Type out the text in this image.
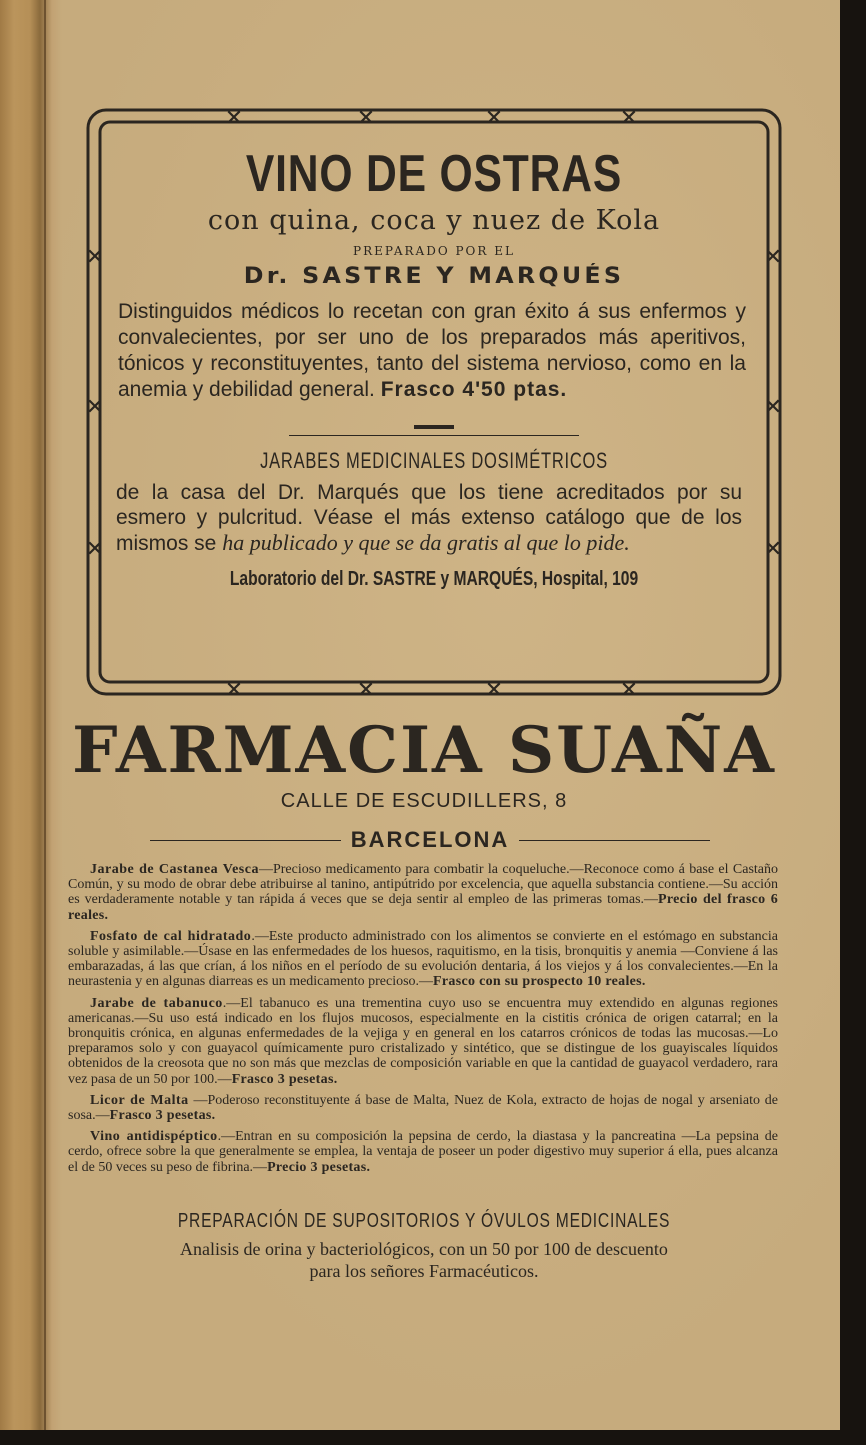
✕	✕	✕	✕
✕	✕	✕	✕
✕
✕
✕
✕
✕
✕
VINO DE OSTRAS
con quina, coca y nuez de Kola
PREPARADO POR EL
Dr. SASTRE Y MARQUÉS
Distinguidos médicos lo recetan con gran éxito á sus enfermos y convalecientes, por ser uno de los preparados más aperitivos, tónicos y reconstituyentes, tanto del sistema nervioso, como en la anemia y debilidad general. Frasco 4'50 ptas.
JARABES MEDICINALES DOSIMÉTRICOS
de la casa del Dr. Marqués que los tiene acreditados por su esmero y pulcritud. Véase el más extenso catálogo que de los mismos se ha publicado y que se da gratis al que lo pide.
Laboratorio del Dr. SASTRE y MARQUÉS, Hospital, 109
FARMACIA SUAÑA
CALLE DE ESCUDILLERS, 8
BARCELONA
Jarabe de Castanea Vesca—Precioso medicamento para combatir la coqueluche.—Reconoce como á base el Castaño Común, y su modo de obrar debe atribuirse al tanino, antipútrido por excelencia, que aquella substancia contiene.—Su acción es verdaderamente notable y tan rápida á veces que se deja sentir al empleo de las primeras tomas.—Precio del frasco 6 reales.
Fosfato de cal hidratado.—Este producto administrado con los alimentos se convierte en el estómago en substancia soluble y asimilable.—Úsase en las enfermedades de los huesos, raquitismo, en la tisis, bronquitis y anemia —Conviene á las embarazadas, á las que crían, á los niños en el período de su evolución dentaria, á los viejos y á los convalecientes.—En la neurastenia y en algunas diarreas es un medicamento precioso.—Frasco con su prospecto 10 reales.
Jarabe de tabanuco.—El tabanuco es una trementina cuyo uso se encuentra muy extendido en algunas regiones americanas.—Su uso está indicado en los flujos mucosos, especialmente en la cistitis crónica de origen catarral; en la bronquitis crónica, en algunas enfermedades de la vejiga y en general en los catarros crónicos de todas las mucosas.—Lo preparamos solo y con guayacol químicamente puro cristalizado y sintético, que se distingue de los guayiscales líquidos obtenidos de la creosota que no son más que mezclas de composición variable en que la cantidad de guayacol verdadero, rara vez pasa de un 50 por 100.—Frasco 3 pesetas.
Licor de Malta —Poderoso reconstituyente á base de Malta, Nuez de Kola, extracto de hojas de nogal y arseniato de sosa.—Frasco 3 pesetas.
Vino antidispéptico.—Entran en su composición la pepsina de cerdo, la diastasa y la pancreatina —La pepsina de cerdo, ofrece sobre la que generalmente se emplea, la ventaja de poseer un poder digestivo muy superior á ella, pues alcanza el de 50 veces su peso de fibrina.—Precio 3 pesetas.
PREPARACIÓN DE SUPOSITORIOS Y ÓVULOS MEDICINALES
Analisis de orina y bacteriológicos, con un 50 por 100 de descuento
para los señores Farmacéuticos.
